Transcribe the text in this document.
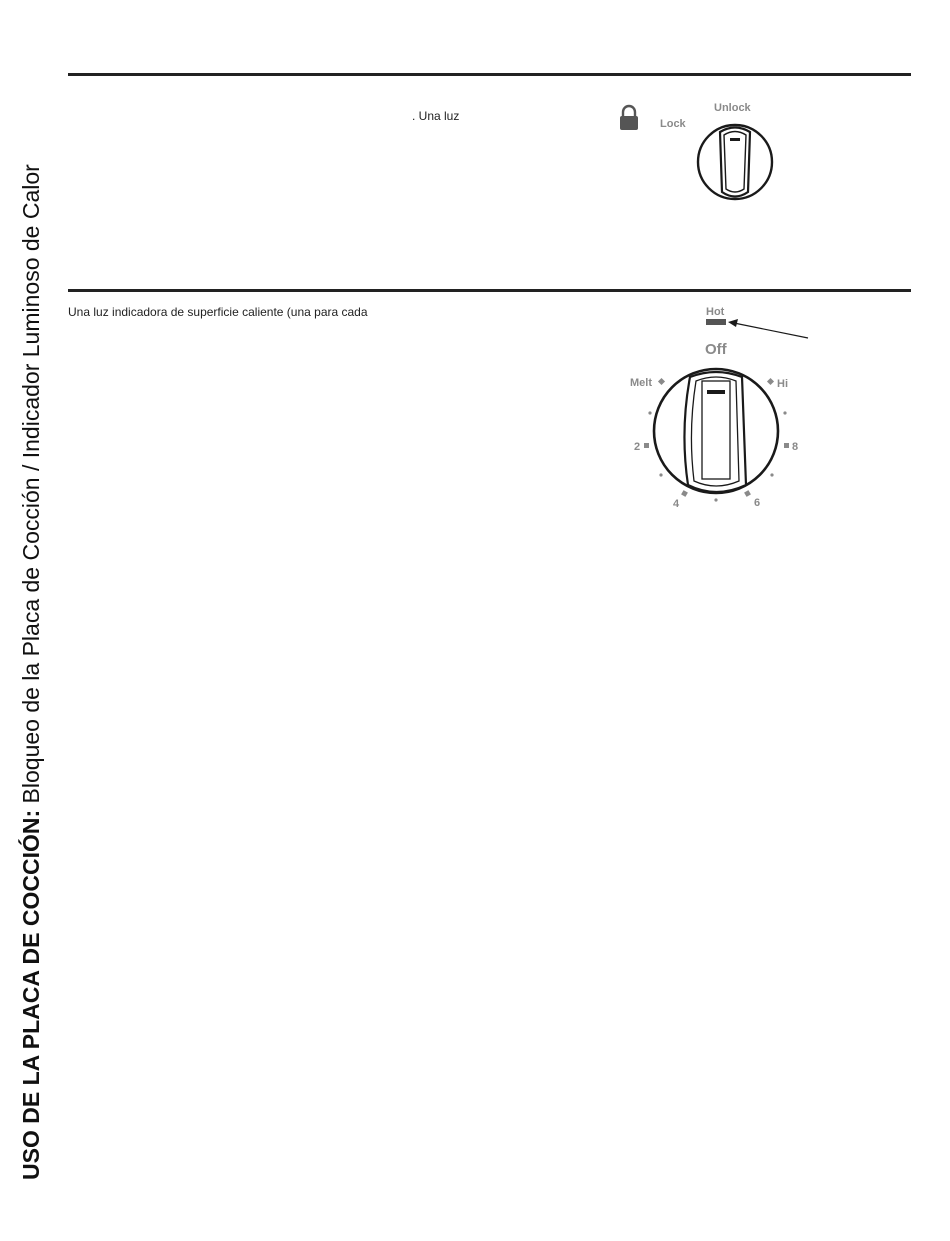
USO DE LA PLACA DE COCCIÓN: Bloqueo de la Placa de Cocción / Indicador Luminoso de Calor
. Una luz
Lock
Unlock
Una luz indicadora de superficie caliente (una para cada	Hot
Off
Melt	Hi
2	8
4	6
